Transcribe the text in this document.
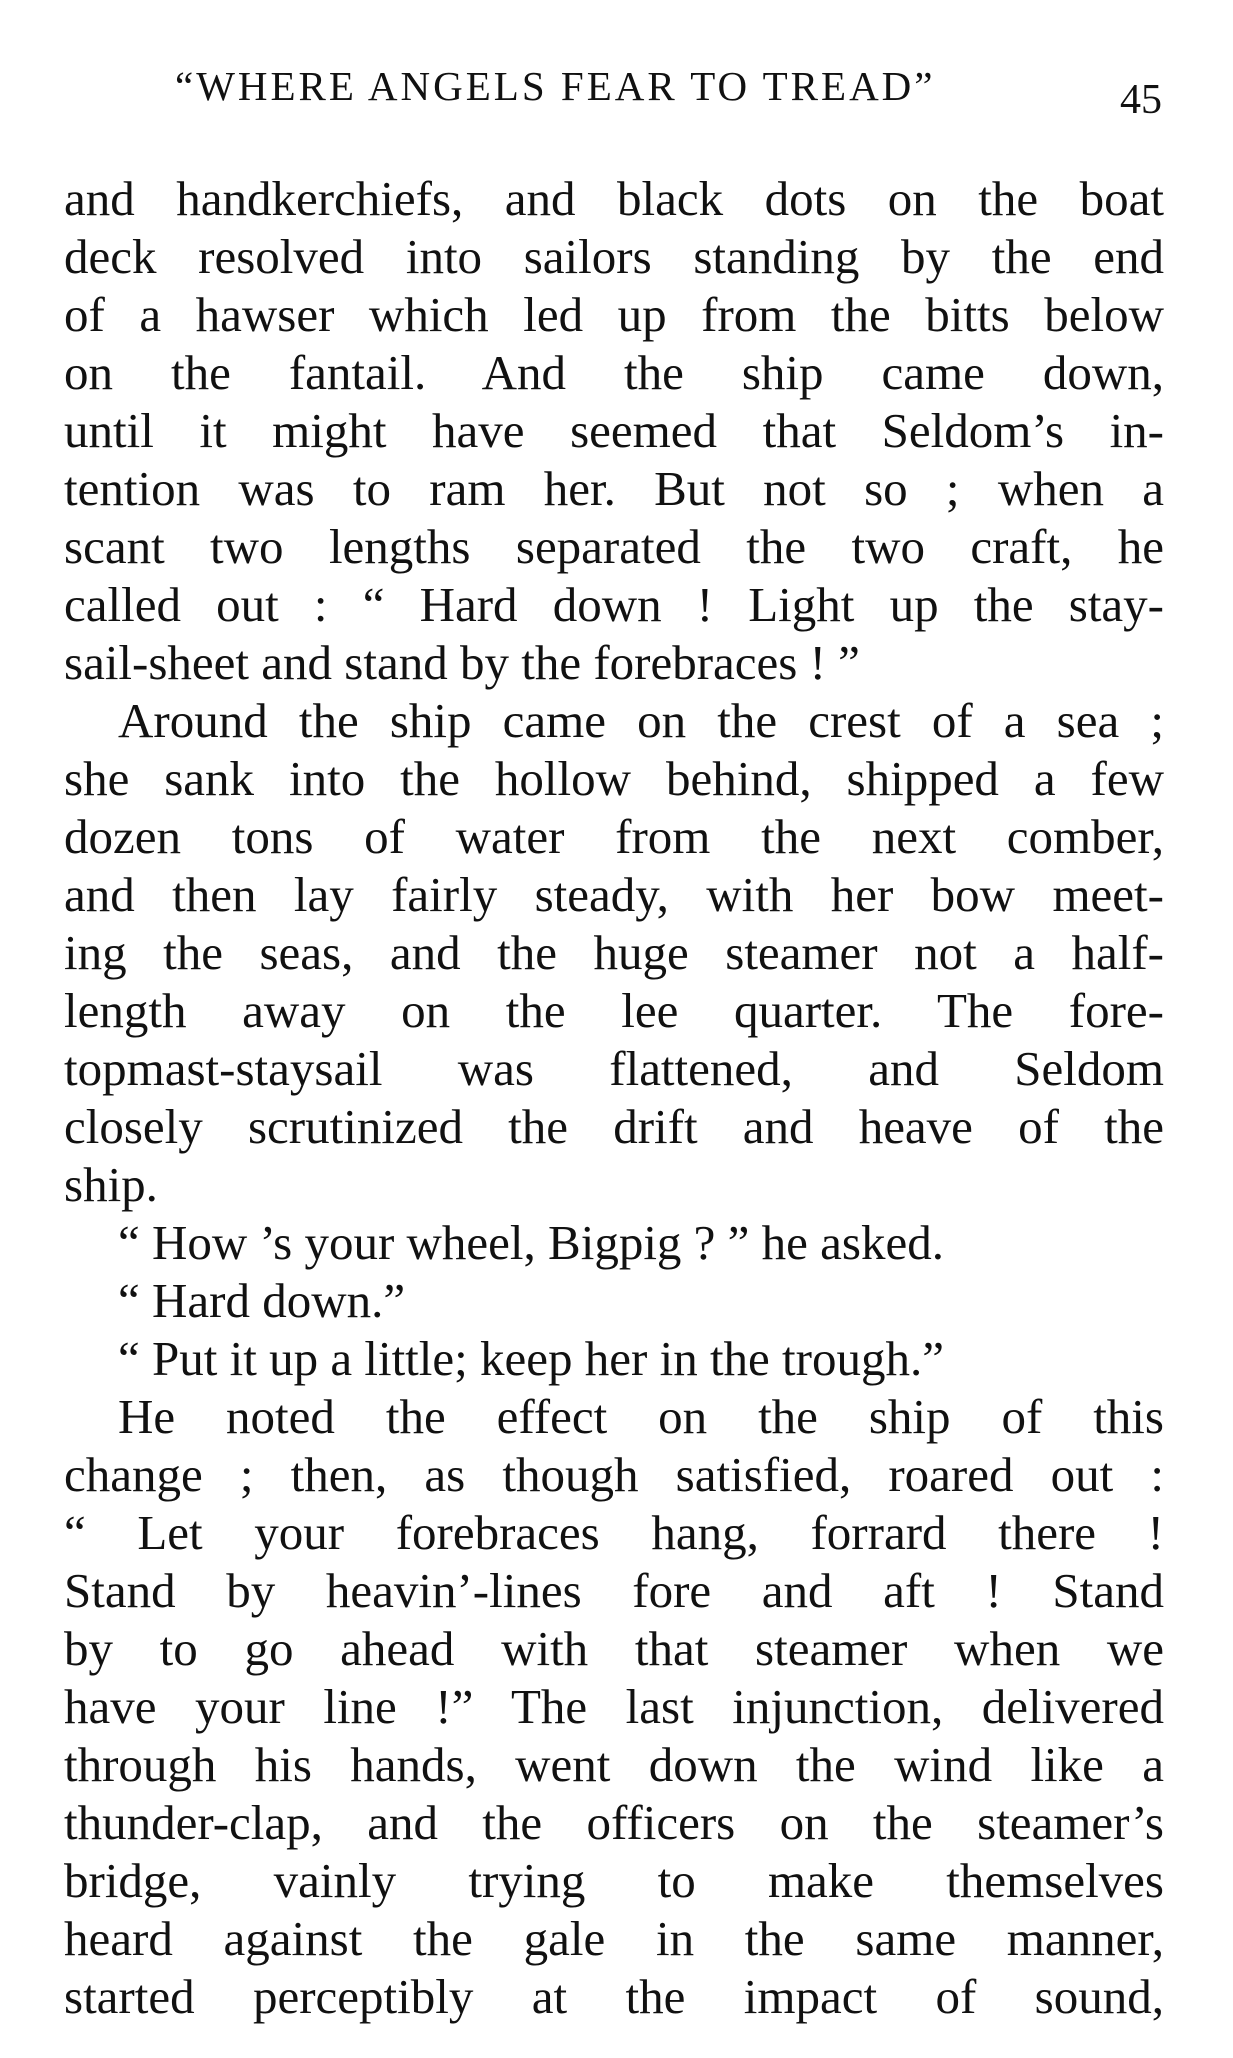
“WHERE ANGELS FEAR TO TREAD”	45
and handkerchiefs, and black dots on the boat
deck resolved into sailors standing by the end
of a hawser which led up from the bitts below
on the fantail. And the ship came down,
until it might have seemed that Seldom’s in-
tention was to ram her. But not so ; when a
scant two lengths separated the two craft, he
called out : “ Hard down ! Light up the stay-
sail-sheet and stand by the forebraces ! ”
Around the ship came on the crest of a sea ;
she sank into the hollow behind, shipped a few
dozen tons of water from the next comber,
and then lay fairly steady, with her bow meet-
ing the seas, and the huge steamer not a half-
length away on the lee quarter. The fore-
topmast-staysail was flattened, and Seldom
closely scrutinized the drift and heave of the
ship.
“ How ’s your wheel, Bigpig ? ” he asked.
“ Hard down.”
“ Put it up a little; keep her in the trough.”
He noted the effect on the ship of this
change ; then, as though satisfied, roared out :
“ Let your forebraces hang, forrard there !
Stand by heavin’-lines fore and aft ! Stand
by to go ahead with that steamer when we
have your line !” The last injunction, delivered
through his hands, went down the wind like a
thunder-clap, and the officers on the steamer’s
bridge, vainly trying to make themselves
heard against the gale in the same manner,
started perceptibly at the impact of sound,
